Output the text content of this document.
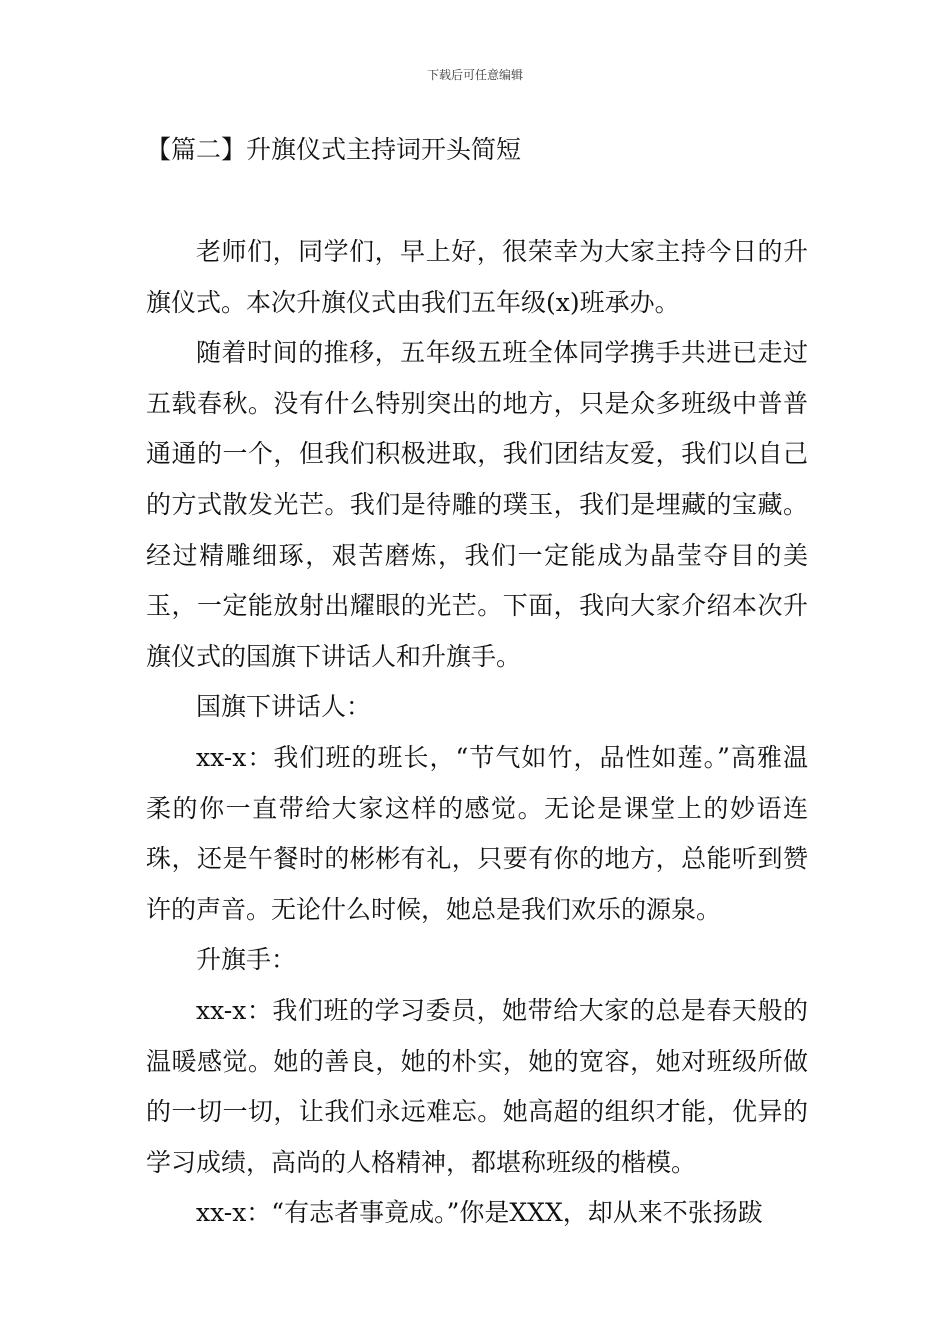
下载后可任意编辑
【篇二】升旗仪式主持词开头简短

老师们，同学们，早上好，很荣幸为大家主持今日的升旗仪式。本次升旗仪式由我们五年级(x)班承办。

随着时间的推移，五年级五班全体同学携手共进已走过五载春秋。没有什么特别突出的地方，只是众多班级中普普通通的一个，但我们积极进取，我们团结友爱，我们以自己的方式散发光芒。我们是待雕的璞玉，我们是埋藏的宝藏。经过精雕细琢，艰苦磨炼，我们一定能成为晶莹夺目的美玉，一定能放射出耀眼的光芒。下面，我向大家介绍本次升旗仪式的国旗下讲话人和升旗手。

国旗下讲话人：

xx-x：我们班的班长，“节气如竹，品性如莲。”高雅温柔的你一直带给大家这样的感觉。无论是课堂上的妙语连珠，还是午餐时的彬彬有礼，只要有你的地方，总能听到赞许的声音。无论什么时候，她总是我们欢乐的源泉。

升旗手：

xx-x：我们班的学习委员，她带给大家的总是春天般的温暖感觉。她的善良，她的朴实，她的宽容，她对班级所做的一切一切，让我们永远难忘。她高超的组织才能，优异的学习成绩，高尚的人格精神，都堪称班级的楷模。

xx-x：“有志者事竟成。”你是XXX，却从来不张扬跋
